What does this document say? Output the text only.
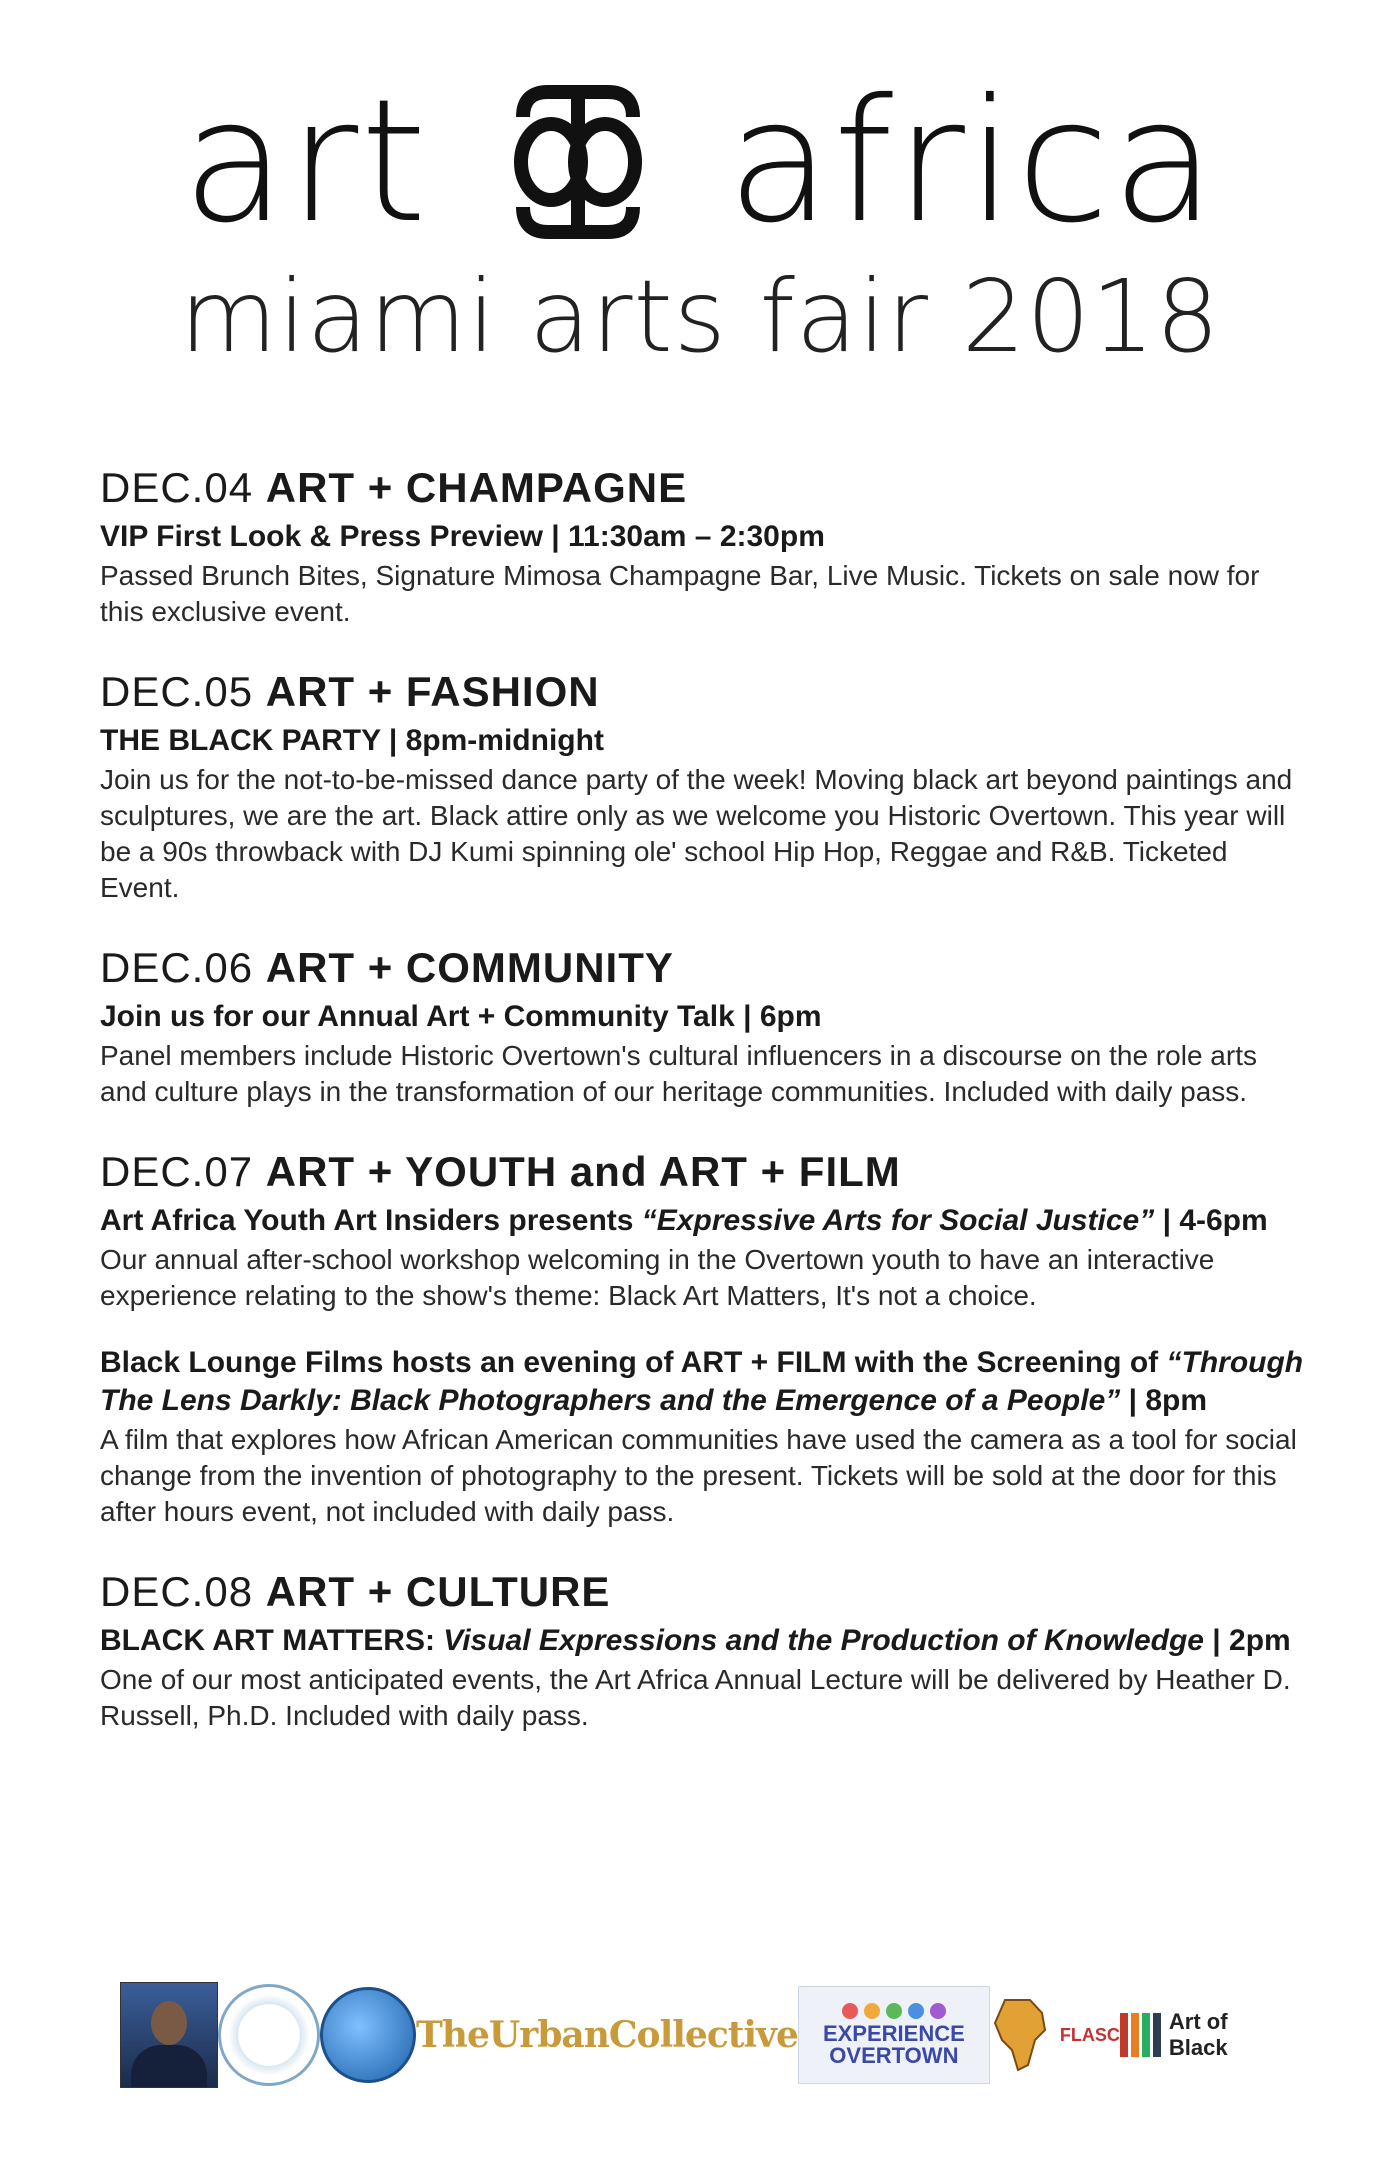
art africa
miami arts fair 2018
DEC.04 ART + CHAMPAGNE
VIP First Look & Press Preview | 11:30am – 2:30pm

Passed Brunch Bites, Signature Mimosa Champagne Bar, Live Music. Tickets on sale now for this exclusive event.

DEC.05 ART + FASHION
THE BLACK PARTY | 8pm-midnight

Join us for the not-to-be-missed dance party of the week! Moving black art beyond paintings and sculptures, we are the art. Black attire only as we welcome you Historic Overtown. This year will be a 90s throwback with DJ Kumi spinning ole' school Hip Hop, Reggae and R&B. Ticketed Event.

DEC.06 ART + COMMUNITY
Join us for our Annual Art + Community Talk | 6pm

Panel members include Historic Overtown's cultural influencers in a discourse on the role arts and culture plays in the transformation of our heritage communities. Included with daily pass.

DEC.07 ART + YOUTH and ART + FILM
Art Africa Youth Art Insiders presents “Expressive Arts for Social Justice” | 4-6pm

Our annual after-school workshop welcoming in the Overtown youth to have an interactive experience relating to the show's theme: Black Art Matters, It's not a choice.

Black Lounge Films hosts an evening of ART + FILM with the Screening of “Through The Lens Darkly: Black Photographers and the Emergence of a People” | 8pm

A film that explores how African American communities have used the camera as a tool for social change from the invention of photography to the present. Tickets will be sold at the door for this after hours event, not included with daily pass.

DEC.08 ART + CULTURE
BLACK ART MATTERS: Visual Expressions and the Production of Knowledge | 2pm

One of our most anticipated events, the Art Africa Annual Lecture will be delivered by Heather D. Russell, Ph.D. Included with daily pass.

TheUrbanCollective EXPERIENCE
OVERTOWN
FLASC
Art of Black
